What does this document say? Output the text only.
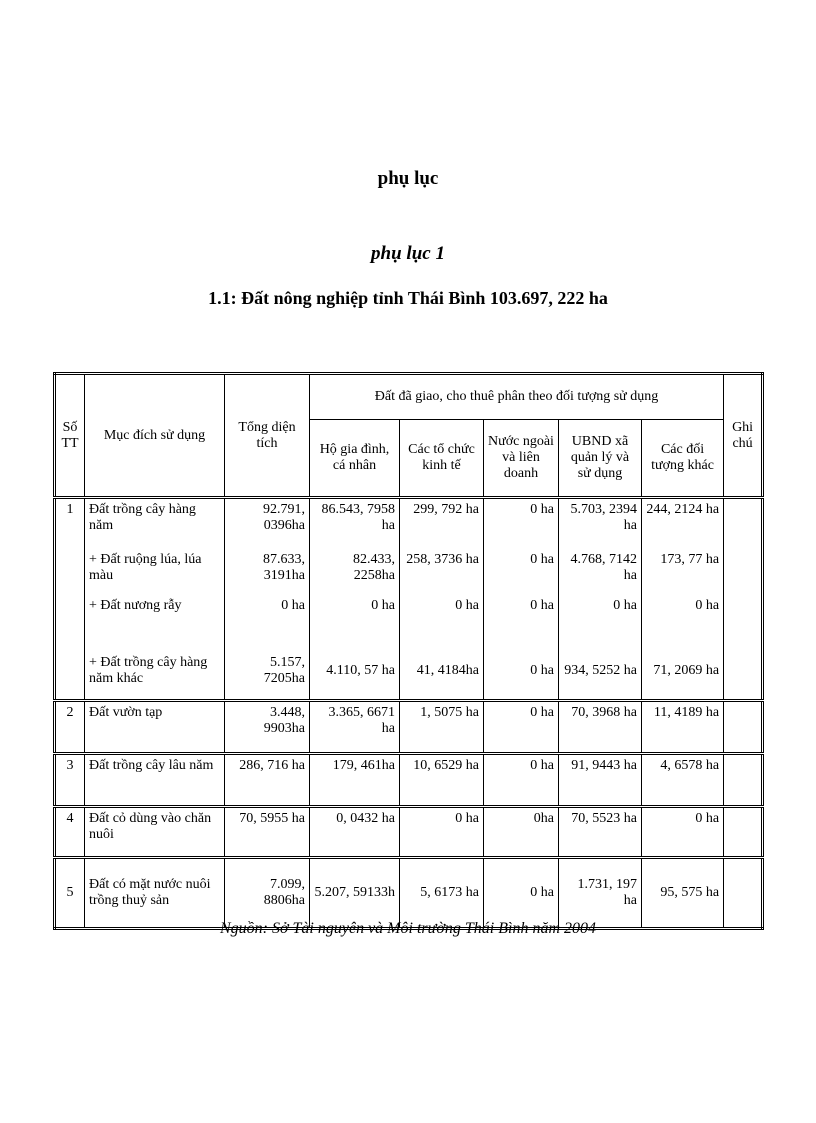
phụ lục
phụ lục 1
1.1: Đất nông nghiệp tỉnh Thái Bình 103.697, 222 ha
Số TT	Mục đích sử dụng	Tổng diện tích	Đất đã giao, cho thuê phân theo đối tượng sử dụng					Ghi chú
			Hộ gia đình, cá nhân	Các tổ chức kinh tế	Nước ngoài và liên doanh	UBND xã quản lý và sử dụng	Các đối tượng khác	
1	Đất trồng cây hàng năm	92.791, 0396ha	86.543, 7958 ha	299, 792 ha	0 ha	5.703, 2394 ha	244, 2124 ha	
	+ Đất ruộng lúa, lúa màu	87.633, 3191ha	82.433, 2258ha	258, 3736 ha	0 ha	4.768, 7142 ha	173, 77 ha	
	+ Đất nương rẫy	0 ha	0 ha	0 ha	0 ha	0 ha	0 ha	
	+ Đất trồng cây hàng năm khác	5.157, 7205ha	4.110, 57 ha	41, 4184ha	0 ha	934, 5252 ha	71, 2069 ha	
2	Đất vườn tạp	3.448, 9903ha	3.365, 6671 ha	1, 5075 ha	0 ha	70, 3968 ha	11, 4189 ha	
3	Đất trồng cây lâu năm	286, 716 ha	179, 461ha	10, 6529 ha	0 ha	91, 9443 ha	4, 6578 ha	
4	Đất cỏ dùng vào chăn nuôi	70, 5955 ha	0, 0432 ha	0 ha	0ha	70, 5523 ha	0 ha	
5	Đất có mặt nước nuôi trồng thuỷ sản	7.099, 8806ha	5.207, 59133h	5, 6173 ha	0 ha	1.731, 197 ha	95, 575 ha	
Nguồn: Sở Tài nguyên và Môi trường Thái Bình năm 2004
